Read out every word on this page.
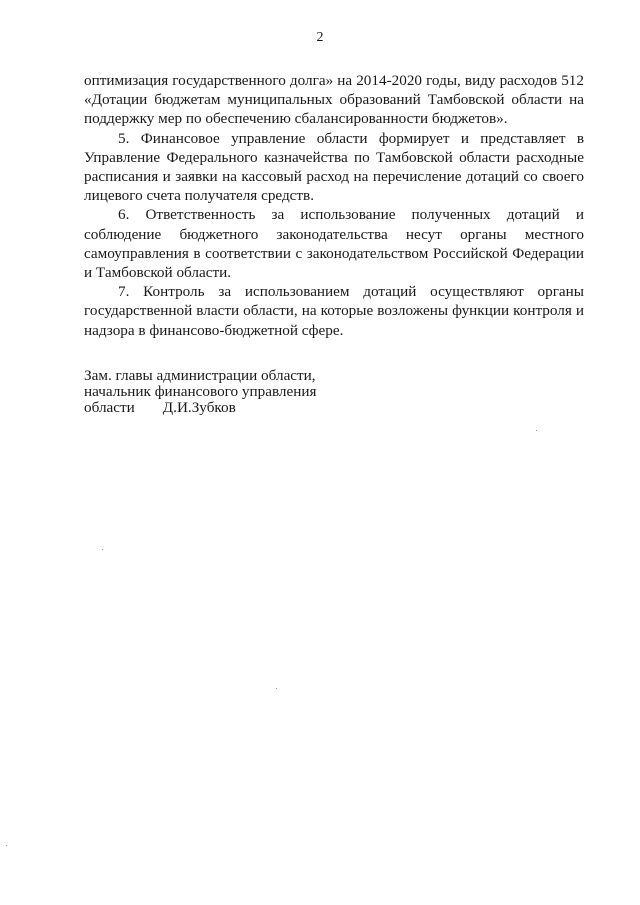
2

оптимизация государственного долга» на 2014-2020 годы, виду расходов 512 «Дотации бюджетам муниципальных образований Тамбовской области на поддержку мер по обеспечению сбалансированности бюджетов».

5. Финансовое управление области формирует и представляет в Управление Федерального казначейства по Тамбовской области расходные расписания и заявки на кассовый расход на перечисление дотаций со своего лицевого счета получателя средств.

6. Ответственность за использование полученных дотаций и соблюдение бюджетного законодательства несут органы местного самоуправления в соответствии с законодательством Российской Федерации и Тамбовской области.

7. Контроль за использованием дотаций осуществляют органы государственной власти области, на которые возложены функции контроля и надзора в финансово-бюджетной сфере.

Зам. главы администрации области,
начальник финансового управления
области Д.И.Зубков
